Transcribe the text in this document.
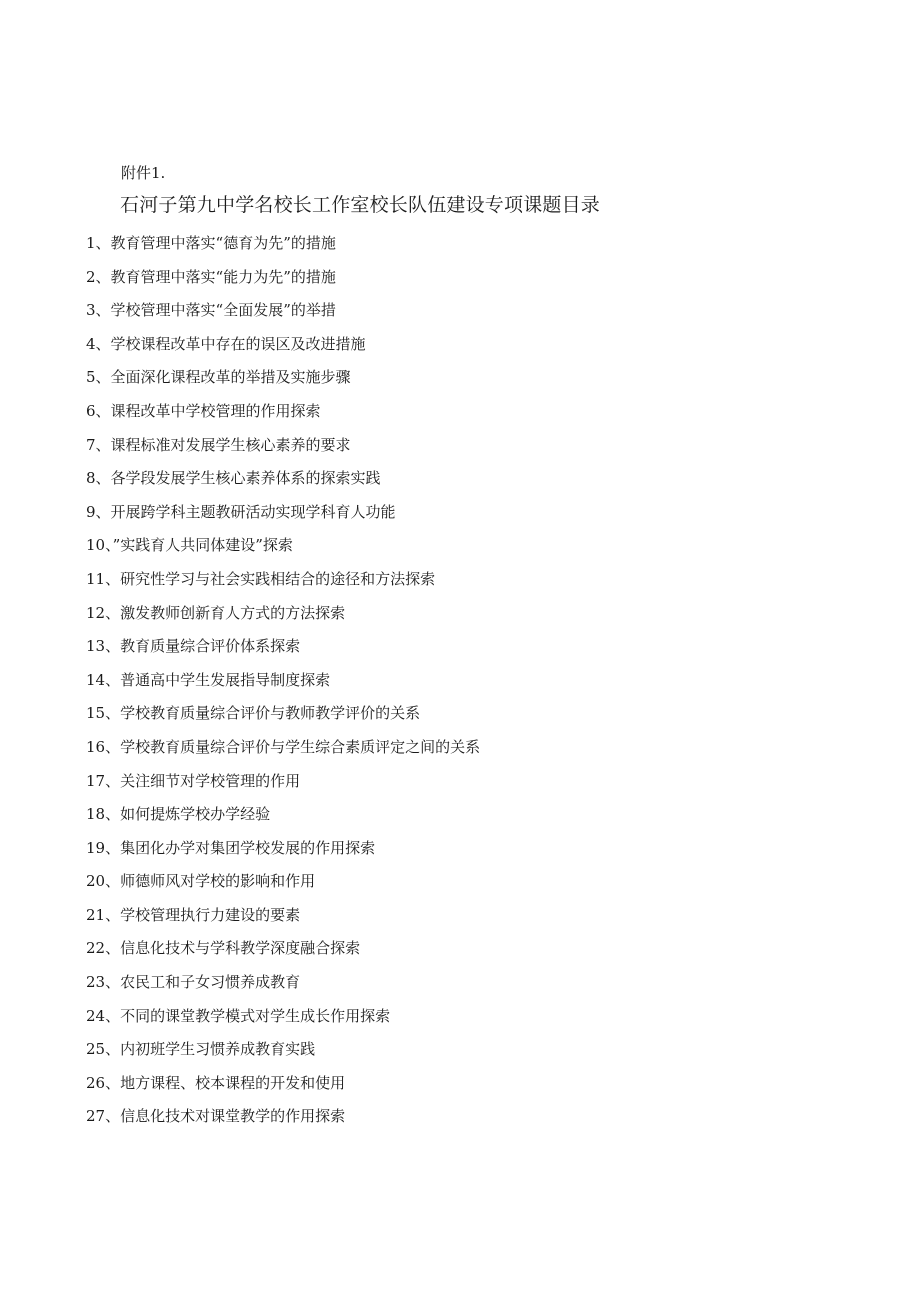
附件1.
石河子第九中学名校长工作室校长队伍建设专项课题目录
1、教育管理中落实“德育为先”的措施
2、教育管理中落实“能力为先”的措施
3、学校管理中落实“全面发展”的举措
4、学校课程改革中存在的误区及改进措施
5、全面深化课程改革的举措及实施步骤
6、课程改革中学校管理的作用探索
7、课程标准对发展学生核心素养的要求
8、各学段发展学生核心素养体系的探索实践
9、开展跨学科主题教研活动实现学科育人功能
10、”实践育人共同体建设”探索
11、研究性学习与社会实践相结合的途径和方法探索
12、激发教师创新育人方式的方法探索
13、教育质量综合评价体系探索
14、普通高中学生发展指导制度探索
15、学校教育质量综合评价与教师教学评价的关系
16、学校教育质量综合评价与学生综合素质评定之间的关系
17、关注细节对学校管理的作用
18、如何提炼学校办学经验
19、集团化办学对集团学校发展的作用探索
20、师德师风对学校的影响和作用
21、学校管理执行力建设的要素
22、信息化技术与学科教学深度融合探索
23、农民工和子女习惯养成教育
24、不同的课堂教学模式对学生成长作用探索
25、内初班学生习惯养成教育实践
26、地方课程、校本课程的开发和使用
27、信息化技术对课堂教学的作用探索
